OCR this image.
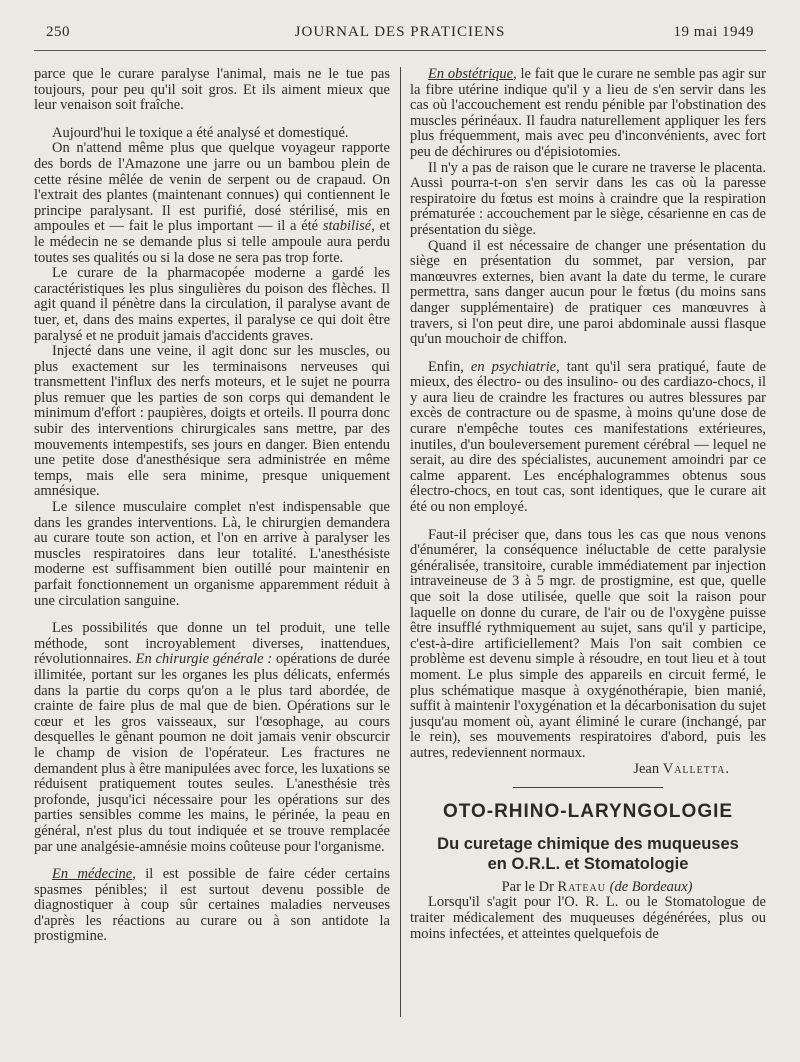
250	JOURNAL DES PRATICIENS	19 mai 1949

parce que le curare paralyse l'animal, mais ne le tue pas toujours, pour peu qu'il soit gros. Et ils aiment mieux que leur venaison soit fraîche.

Aujourd'hui le toxique a été analysé et domestiqué.

On n'attend même plus que quelque voyageur rapporte des bords de l'Amazone une jarre ou un bambou plein de cette résine mêlée de venin de serpent ou de crapaud. On l'extrait des plantes (maintenant connues) qui contiennent le principe paralysant. Il est purifié, dosé stérilisé, mis en ampoules et — fait le plus important — il a été stabilisé, et le médecin ne se demande plus si telle ampoule aura perdu toutes ses qualités ou si la dose ne sera pas trop forte.

Le curare de la pharmacopée moderne a gardé les caractéristiques les plus singulières du poison des flèches. Il agit quand il pénètre dans la circulation, il paralyse avant de tuer, et, dans des mains expertes, il paralyse ce qui doit être paralysé et ne produit jamais d'accidents graves.

Injecté dans une veine, il agit donc sur les muscles, ou plus exactement sur les terminaisons nerveuses qui transmettent l'influx des nerfs moteurs, et le sujet ne pourra plus remuer que les parties de son corps qui demandent le minimum d'effort : paupières, doigts et orteils. Il pourra donc subir des interventions chirurgicales sans mettre, par des mouvements intempestifs, ses jours en danger. Bien entendu une petite dose d'anesthésique sera administrée en même temps, mais elle sera minime, presque uniquement amnésique.

Le silence musculaire complet n'est indispensable que dans les grandes interventions. Là, le chirurgien demandera au curare toute son action, et l'on en arrive à paralyser les muscles respiratoires dans leur totalité. L'anesthésiste moderne est suffisamment bien outillé pour maintenir en parfait fonctionnement un organisme apparemment réduit à une circulation sanguine.

Les possibilités que donne un tel produit, une telle méthode, sont incroyablement diverses, inattendues, révolutionnaires. En chirurgie générale : opérations de durée illimitée, portant sur les organes les plus délicats, enfermés dans la partie du corps qu'on a le plus tard abordée, de crainte de faire plus de mal que de bien. Opérations sur le cœur et les gros vaisseaux, sur l'œsophage, au cours desquelles le gênant poumon ne doit jamais venir obscurcir le champ de vision de l'opérateur. Les fractures ne demandent plus à être manipulées avec force, les luxations se réduisent pratiquement toutes seules. L'anesthésie très profonde, jusqu'ici nécessaire pour les opérations sur des parties sensibles comme les mains, le périnée, la peau en général, n'est plus du tout indiquée et se trouve remplacée par une analgésie-amnésie moins coûteuse pour l'organisme.

En médecine, il est possible de faire céder certains spasmes pénibles; il est surtout devenu possible de diagnostiquer à coup sûr certaines maladies nerveuses d'après les réactions au curare ou à son antidote la prostigmine.

En obstétrique, le fait que le curare ne semble pas agir sur la fibre utérine indique qu'il y a lieu de s'en servir dans les cas où l'accouchement est rendu pénible par l'obstination des muscles périnéaux. Il faudra naturellement appliquer les fers plus fréquemment, mais avec peu d'inconvénients, avec fort peu de déchirures ou d'épisiotomies.

Il n'y a pas de raison que le curare ne traverse le placenta. Aussi pourra-t-on s'en servir dans les cas où la paresse respiratoire du fœtus est moins à craindre que la respiration prématurée : accouchement par le siège, césarienne en cas de présentation du siège.

Quand il est nécessaire de changer une présentation du siège en présentation du sommet, par version, par manœuvres externes, bien avant la date du terme, le curare permettra, sans danger aucun pour le fœtus (du moins sans danger supplémentaire) de pratiquer ces manœuvres à travers, si l'on peut dire, une paroi abdominale aussi flasque qu'un mouchoir de chiffon.

Enfin, en psychiatrie, tant qu'il sera pratiqué, faute de mieux, des électro- ou des insulino- ou des cardiazo-chocs, il y aura lieu de craindre les fractures ou autres blessures par excès de contracture ou de spasme, à moins qu'une dose de curare n'empêche toutes ces manifestations extérieures, inutiles, d'un bouleversement purement cérébral — lequel ne serait, au dire des spécialistes, aucunement amoindri par ce calme apparent. Les encéphalogrammes obtenus sous électro-chocs, en tout cas, sont identiques, que le curare ait été ou non employé.

Faut-il préciser que, dans tous les cas que nous venons d'énumérer, la conséquence inéluctable de cette paralysie généralisée, transitoire, curable immédiatement par injection intraveineuse de 3 à 5 mgr. de prostigmine, est que, quelle que soit la dose utilisée, quelle que soit la raison pour laquelle on donne du curare, de l'air ou de l'oxygène puisse être insufflé rythmiquement au sujet, sans qu'il y participe, c'est-à-dire artificiellement? Mais l'on sait combien ce problème est devenu simple à résoudre, en tout lieu et à tout moment. Le plus simple des appareils en circuit fermé, le plus schématique masque à oxygénothérapie, bien manié, suffit à maintenir l'oxygénation et la décarbonisation du sujet jusqu'au moment où, ayant éliminé le curare (inchangé, par le rein), ses mouvements respiratoires d'abord, puis les autres, redeviennent normaux.

Jean Valletta.

OTO-RHINO-LARYNGOLOGIE
Du curetage chimique des muqueuses
en O.R.L. et Stomatologie

Par le Dr Rateau (de Bordeaux)

Lorsqu'il s'agit pour l'O. R. L. ou le Stomatologue de traiter médicalement des muqueuses dégénérées, plus ou moins infectées, et atteintes quelquefois de
